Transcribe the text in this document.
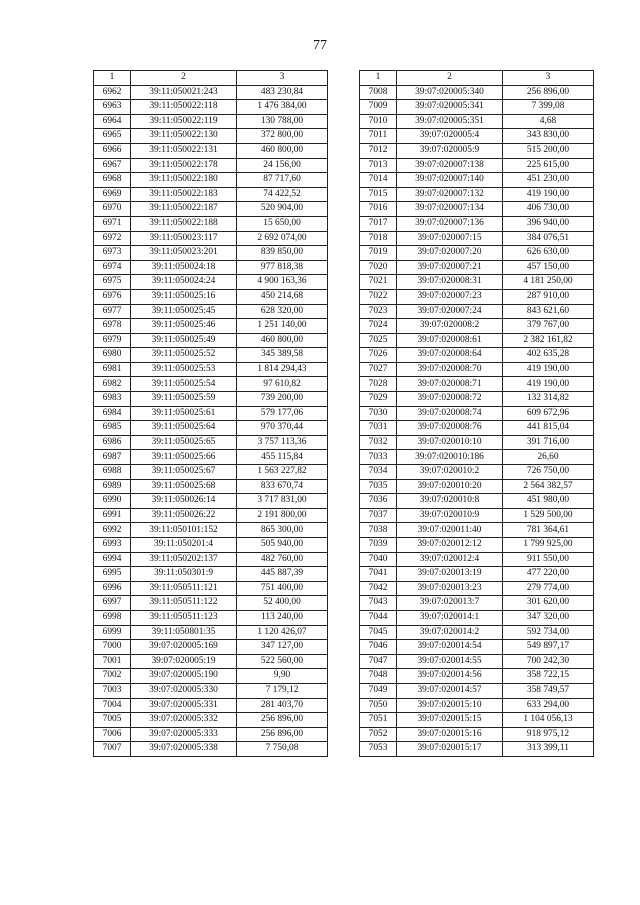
77
1	2	3
6962	39:11:050021:243	483 230,84
6963	39:11:050022:118	1 476 384,00
6964	39:11:050022:119	130 788,00
6965	39:11:050022:130	372 800,00
6966	39:11:050022:131	460 800,00
6967	39:11:050022:178	24 156,00
6968	39:11:050022:180	87 717,60
6969	39:11:050022:183	74 422,52
6970	39:11:050022:187	520 904,00
6971	39:11:050022:188	15 650,00
6972	39:11:050023:117	2 692 074,00
6973	39:11:050023:201	839 850,00
6974	39:11:050024:18	977 818,38
6975	39:11:050024:24	4 900 163,36
6976	39:11:050025:16	450 214,68
6977	39:11:050025:45	628 320,00
6978	39:11:050025:46	1 251 140,00
6979	39:11:050025:49	460 800,00
6980	39:11:050025:52	345 389,58
6981	39:11:050025:53	1 814 294,43
6982	39:11:050025:54	97 610,82
6983	39:11:050025:59	739 200,00
6984	39:11:050025:61	579 177,06
6985	39:11:050025:64	970 370,44
6986	39:11:050025:65	3 757 113,36
6987	39:11:050025:66	455 115,84
6988	39:11:050025:67	1 563 227,82
6989	39:11:050025:68	833 670,74
6990	39:11:050026:14	3 717 831,00
6991	39:11:050026:22	2 191 800,00
6992	39:11:050101:152	865 300,00
6993	39:11:050201:4	505 940,00
6994	39:11:050202:137	482 760,00
6995	39:11:050301:9	445 887,39
6996	39:11:050511:121	751 400,00
6997	39:11:050511:122	52 400,00
6998	39:11:050511:123	113 240,00
6999	39:11:050801:35	1 120 426,07
7000	39:07:020005:169	347 127,00
7001	39:07:020005:19	522 560,00
7002	39:07:020005:190	9,90
7003	39:07:020005:330	7 179,12
7004	39:07:020005:331	281 403,70
7005	39:07:020005:332	256 896,00
7006	39:07:020005:333	256 896,00
7007	39:07:020005:338	7 750,08
1	2	3
7008	39:07:020005:340	256 896,00
7009	39:07:020005:341	7 399,08
7010	39:07:020005:351	4,68
7011	39:07:020005:4	343 830,00
7012	39:07:020005:9	515 200,00
7013	39:07:020007:138	225 615,00
7014	39:07:020007:140	451 230,00
7015	39:07:020007:132	419 190,00
7016	39:07:020007:134	406 730,00
7017	39:07:020007:136	396 940,00
7018	39:07:020007:15	384 076,51
7019	39:07:020007:20	626 630,00
7020	39:07:020007:21	457 150,00
7021	39:07:020008:31	4 181 250,00
7022	39:07:020007:23	287 910,00
7023	39:07:020007:24	843 621,60
7024	39:07:020008:2	379 767,00
7025	39:07:020008:61	2 382 161,82
7026	39:07:020008:64	402 635,28
7027	39:07:020008:70	419 190,00
7028	39:07:020008:71	419 190,00
7029	39:07:020008:72	132 314,82
7030	39:07:020008:74	609 672,96
7031	39:07:020008:76	441 815,04
7032	39:07:020010:10	391 716,00
7033	39:07:020010:186	26,60
7034	39:07:020010:2	726 750,00
7035	39:07:020010:20	2 564 382,57
7036	39:07:020010:8	451 980,00
7037	39:07:020010:9	1 529 500,00
7038	39:07:020011:40	781 364,61
7039	39:07:020012:12	1 799 925,00
7040	39:07:020012:4	911 550,00
7041	39:07:020013:19	477 220,00
7042	39:07:020013:23	279 774,00
7043	39:07:020013:7	301 620,00
7044	39:07:020014:1	347 320,00
7045	39:07:020014:2	592 734,00
7046	39:07:020014:54	549 897,17
7047	39:07:020014:55	700 242,30
7048	39:07:020014:56	358 722,15
7049	39:07:020014:57	358 749,57
7050	39:07:020015:10	633 294,00
7051	39:07:020015:15	1 104 056,13
7052	39:07:020015:16	918 975,12
7053	39:07:020015:17	313 399,11
